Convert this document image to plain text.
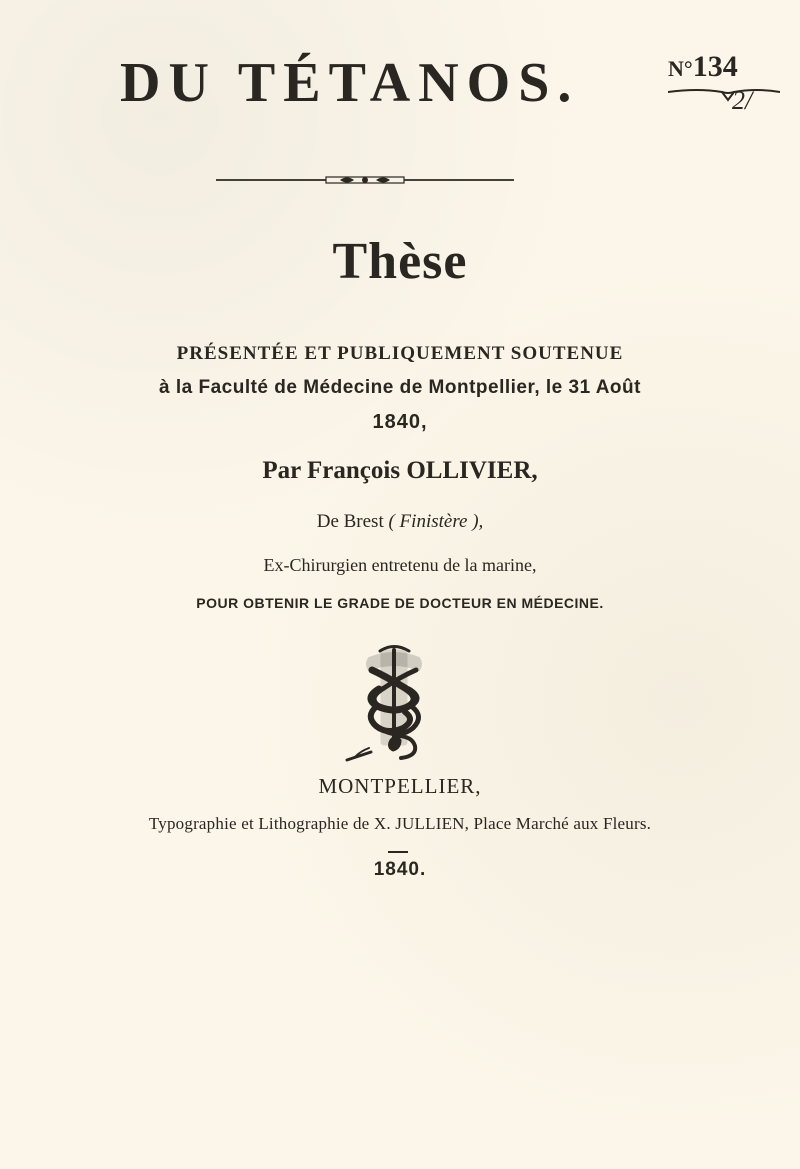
DU TÉTANOS.	N°134
2/
Thèse
PRÉSENTÉE ET PUBLIQUEMENT SOUTENUE
à la Faculté de Médecine de Montpellier, le 31 Août
1840,
Par François OLLIVIER,
De Brest ( Finistère ),
Ex-Chirurgien entretenu de la marine,
POUR OBTENIR LE GRADE DE DOCTEUR EN MÉDECINE.
MONTPELLIER,
Typographie et Lithographie de X. JULLIEN, Place Marché aux Fleurs.
1840.
